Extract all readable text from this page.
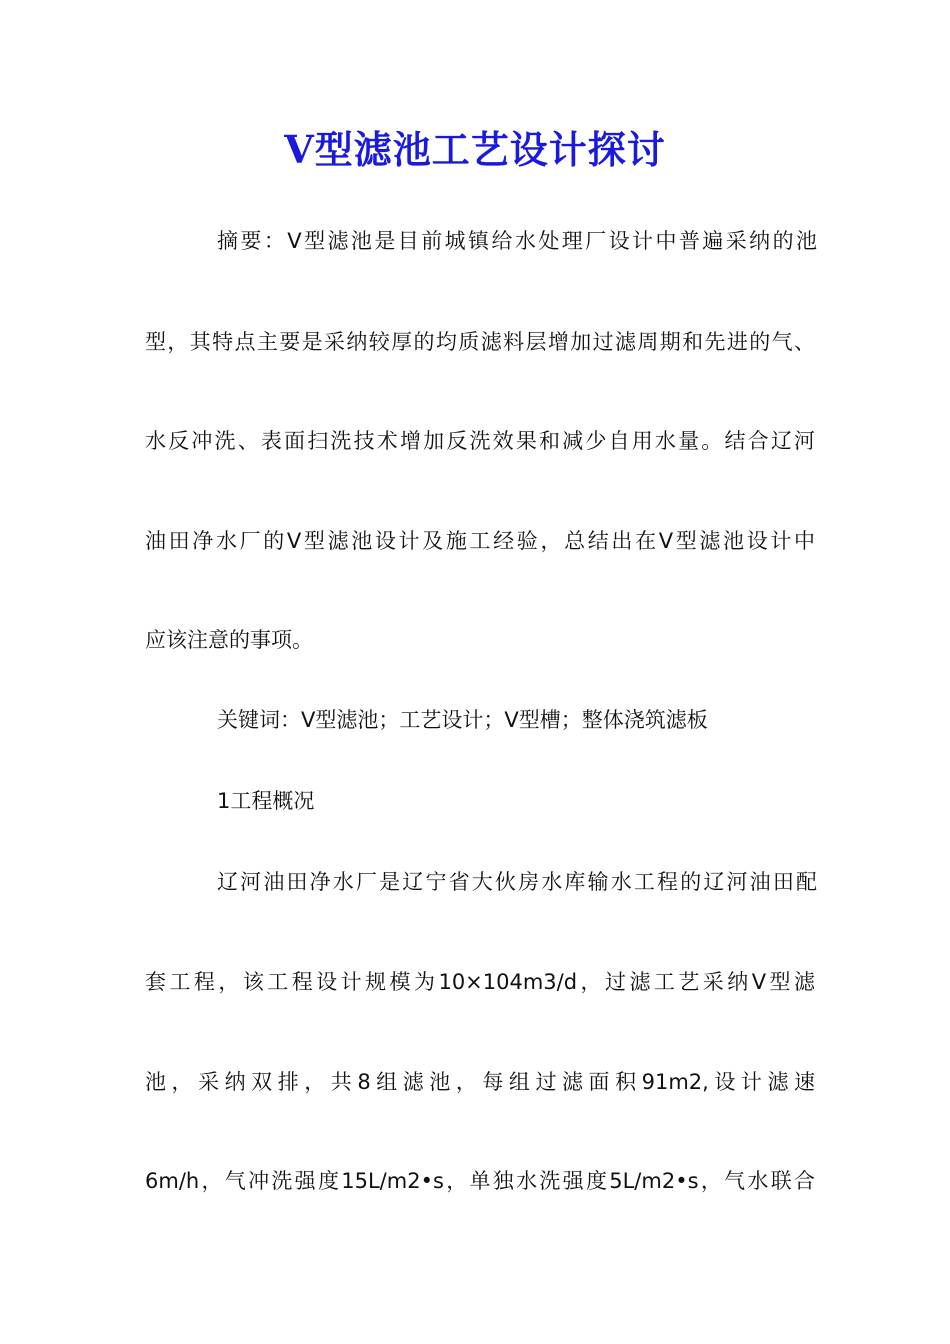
V型滤池工艺设计探讨
摘要：V型滤池是目前城镇给水处理厂设计中普遍采纳的池
型，其特点主要是采纳较厚的均质滤料层增加过滤周期和先进的气、
水反冲洗、表面扫洗技术增加反洗效果和减少自用水量。结合辽河
油田净水厂的V型滤池设计及施工经验，总结出在V型滤池设计中
应该注意的事项。
关键词：V型滤池；工艺设计；V型槽；整体浇筑滤板
1工程概况
辽河油田净水厂是辽宁省大伙房水库输水工程的辽河油田配
套工程，该工程设计规模为10×104m3/d，过滤工艺采纳V型滤
池，采纳双排，共8组滤池，每组过滤面积91m2,设计滤速
6m/h，气冲洗强度15L/m2•s，单独水洗强度5L/m2•s，气水联合
